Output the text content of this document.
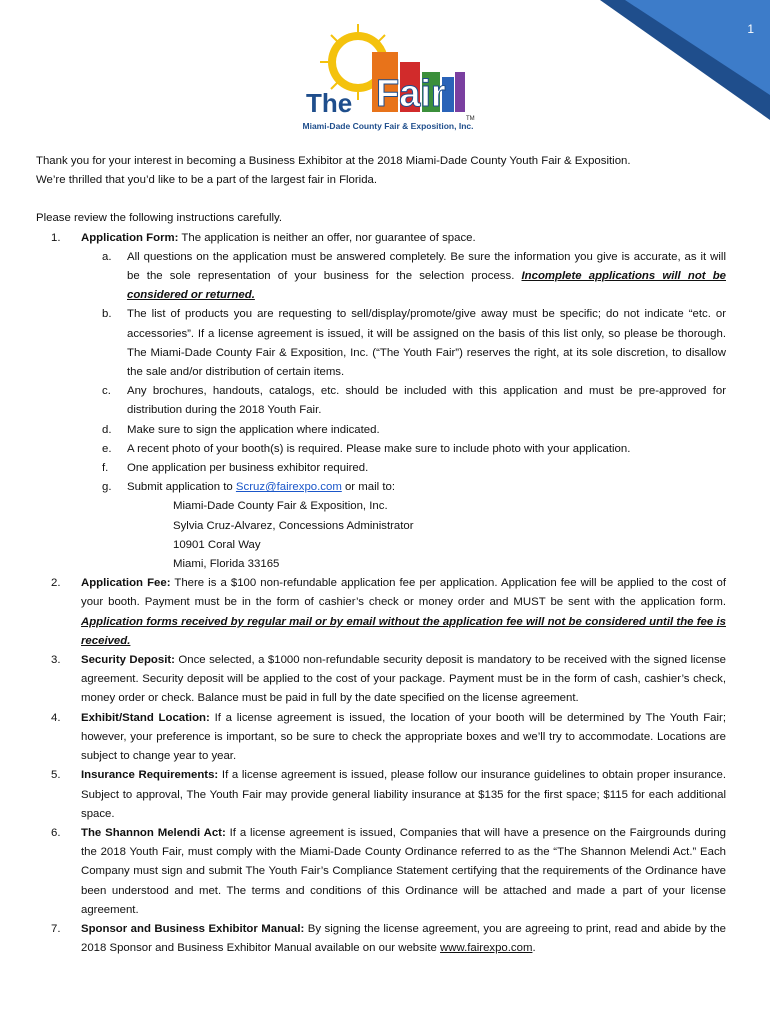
1
The Fair
TM
Miami-Dade County Fair & Exposition, Inc.

Thank you for your interest in becoming a Business Exhibitor at the 2018 Miami-Dade County Youth Fair & Exposition.

We’re thrilled that you’d like to be a part of the largest fair in Florida.

Please review the following instructions carefully.

1. Application Form: The application is neither an offer, nor guarantee of space.
a. All questions on the application must be answered completely. Be sure the information you give is accurate, as it will be the sole representation of your business for the selection process. Incomplete applications will not be considered or returned.
b. The list of products you are requesting to sell/display/promote/give away must be specific; do not indicate “etc. or accessories”. If a license agreement is issued, it will be assigned on the basis of this list only, so please be thorough. The Miami-Dade County Fair & Exposition, Inc. (“The Youth Fair”) reserves the right, at its sole discretion, to disallow the sale and/or distribution of certain items.
c. Any brochures, handouts, catalogs, etc. should be included with this application and must be pre-approved for distribution during the 2018 Youth Fair.
d. Make sure to sign the application where indicated.
e. A recent photo of your booth(s) is required. Please make sure to include photo with your application.
f. One application per business exhibitor required.
g. Submit application to Scruz@fairexpo.com or mail to:
Miami-Dade County Fair & Exposition, Inc.
Sylvia Cruz-Alvarez, Concessions Administrator
10901 Coral Way
Miami, Florida 33165
2. Application Fee: There is a $100 non-refundable application fee per application. Application fee will be applied to the cost of your booth. Payment must be in the form of cashier’s check or money order and MUST be sent with the application form. Application forms received by regular mail or by email without the application fee will not be considered until the fee is received.
3. Security Deposit: Once selected, a $1000 non-refundable security deposit is mandatory to be received with the signed license agreement. Security deposit will be applied to the cost of your package. Payment must be in the form of cash, cashier’s check, money order or check. Balance must be paid in full by the date specified on the license agreement.
4. Exhibit/Stand Location: If a license agreement is issued, the location of your booth will be determined by The Youth Fair; however, your preference is important, so be sure to check the appropriate boxes and we’ll try to accommodate. Locations are subject to change year to year.
5. Insurance Requirements: If a license agreement is issued, please follow our insurance guidelines to obtain proper insurance. Subject to approval, The Youth Fair may provide general liability insurance at $135 for the first space; $115 for each additional space.
6. The Shannon Melendi Act: If a license agreement is issued, Companies that will have a presence on the Fairgrounds during the 2018 Youth Fair, must comply with the Miami-Dade County Ordinance referred to as the “The Shannon Melendi Act.” Each Company must sign and submit The Youth Fair’s Compliance Statement certifying that the requirements of the Ordinance have been understood and met. The terms and conditions of this Ordinance will be attached and made a part of your license agreement.
7. Sponsor and Business Exhibitor Manual: By signing the license agreement, you are agreeing to print, read and abide by the 2018 Sponsor and Business Exhibitor Manual available on our website www.fairexpo.com.
